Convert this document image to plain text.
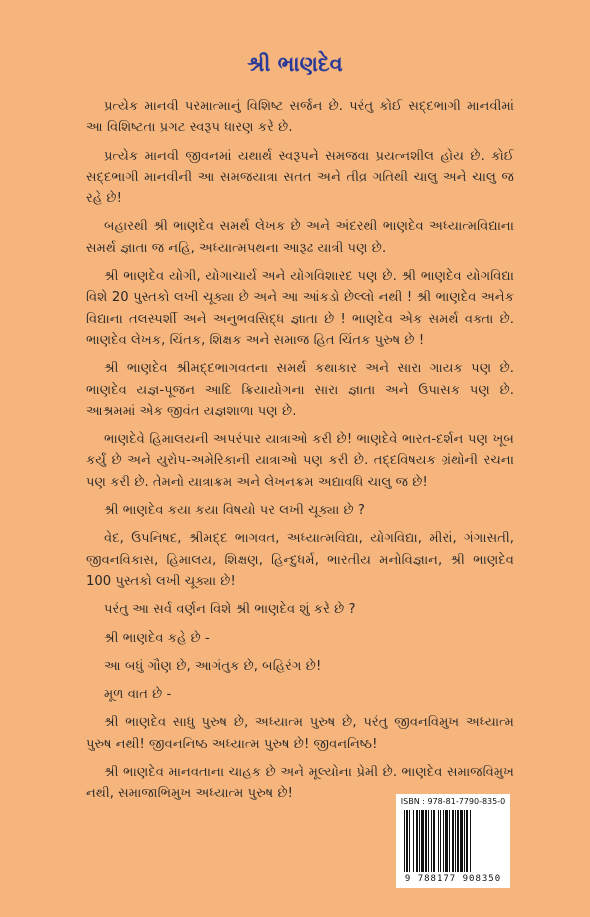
શ્રી ભાણદેવ

પ્રત્યેક માનવી પરમાત્માનું વિશિષ્ટ સર્જન છે. પરંતુ કોઈ સદ્દભાગી માનવીમાં આ વિશિષ્ટતા પ્રગટ સ્વરૂપ ધારણ કરે છે.

પ્રત્યેક માનવી જીવનમાં યથાર્થ સ્વરૂપને સમજવા પ્રયત્નશીલ હોય છે. કોઈ સદ્દભાગી માનવીની આ સમજયાત્રા સતત અને તીવ્ર ગતિથી ચાલુ અને ચાલુ જ રહે છે!

બહારથી શ્રી ભાણદેવ સમર્થ લેખક છે અને અંદરથી ભાણદેવ અધ્યાત્મવિદ્યાના સમર્થ જ્ઞાતા જ નહિ, અધ્યાત્મપથના આરૂઢ યાત્રી પણ છે.

શ્રી ભાણદેવ યોગી, યોગાચાર્ય અને યોગવિશારદ પણ છે. શ્રી ભાણદેવ યોગવિદ્યા વિશે 20 પુસ્તકો લખી ચૂક્યા છે અને આ આંકડો છેલ્લો નથી ! શ્રી ભાણદેવ અનેક વિદ્યાના તલસ્પર્શી અને અનુભવસિદ્ધ જ્ઞાતા છે ! ભાણદેવ એક સમર્થ વક્તા છે. ભાણદેવ લેખક, ચિંતક, શિક્ષક અને સમાજ હિત ચિંતક પુરુષ છે !

શ્રી ભાણદેવ શ્રીમદ્દભાગવતના સમર્થ કથાકાર અને સારા ગાયક પણ છે. ભાણદેવ યજ્ઞ-પૂજન આદિ ક્રિયાયોગના સારા જ્ઞાતા અને ઉપાસક પણ છે. આશ્રમમાં એક જીવંત યજ્ઞશાળા પણ છે.

ભાણદેવે હિમાલયની અપરંપાર યાત્રાઓ કરી છે! ભાણદેવે ભારત-દર્શન પણ ખૂબ કર્યું છે અને યુરોપ-અમેરિકાની યાત્રાઓ પણ કરી છે. તદ્દવિષયક ગ્રંથોની રચના પણ કરી છે. તેમનો યાત્રાક્રમ અને લેખનક્રમ અદ્યાવધિ ચાલુ જ છે!

શ્રી ભાણદેવ કયા કયા વિષયો પર લખી ચૂક્યા છે ?

વેદ, ઉપનિષદ, શ્રીમદ્દ ભાગવત, અધ્યાત્મવિદ્યા, યોગવિદ્યા, મીરાં, ગંગાસતી, જીવનવિકાસ, હિમાલય, શિક્ષણ, હિન્દુધર્મ, ભારતીય મનોવિજ્ઞાન, શ્રી ભાણદેવ 100 પુસ્તકો લખી ચૂક્યા છે!

પરંતુ આ સર્વ વર્ણન વિશે શ્રી ભાણદેવ શું કરે છે ?

શ્રી ભાણદેવ કહે છે -

આ બધું ગૌણ છે, આગંતુક છે, બહિરંગ છે!

મૂળ વાત છે -

શ્રી ભાણદેવ સાધુ પુરુષ છે, અધ્યાત્મ પુરુષ છે, પરંતુ જીવનવિમુખ અધ્યાત્મ પુરુષ નથી! જીવનનિષ્ઠ અધ્યાત્મ પુરુષ છે! જીવનનિષ્ઠ!

શ્રી ભાણદેવ માનવતાના ચાહક છે અને મૂલ્યોના પ્રેમી છે. ભાણદેવ સમાજવિમુખ નથી, સમાજાભિમુખ અધ્યાત્મ પુરુષ છે!

ISBN : 978-81-7790-835-0
9 788177 908350
